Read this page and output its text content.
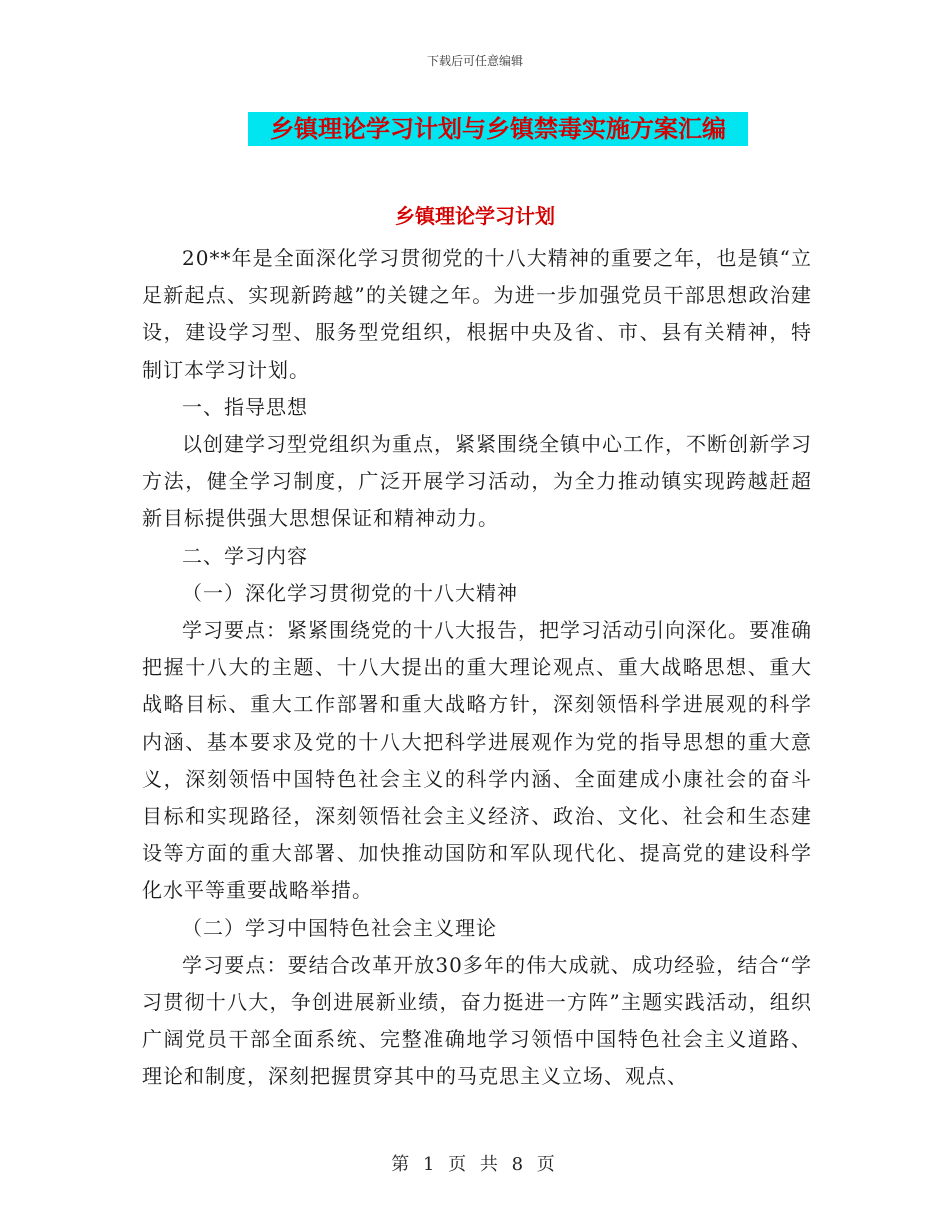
下载后可任意编辑
乡镇理论学习计划与乡镇禁毒实施方案汇编
乡镇理论学习计划

20**年是全面深化学习贯彻党的十八大精神的重要之年，也是镇“立足新起点、实现新跨越”的关键之年。为进一步加强党员干部思想政治建设，建设学习型、服务型党组织，根据中央及省、市、县有关精神，特制订本学习计划。

一、指导思想

以创建学习型党组织为重点，紧紧围绕全镇中心工作，不断创新学习方法，健全学习制度，广泛开展学习活动，为全力推动镇实现跨越赶超新目标提供强大思想保证和精神动力。

二、学习内容

（一）深化学习贯彻党的十八大精神

学习要点：紧紧围绕党的十八大报告，把学习活动引向深化。要准确把握十八大的主题、十八大提出的重大理论观点、重大战略思想、重大战略目标、重大工作部署和重大战略方针，深刻领悟科学进展观的科学内涵、基本要求及党的十八大把科学进展观作为党的指导思想的重大意义，深刻领悟中国特色社会主义的科学内涵、全面建成小康社会的奋斗目标和实现路径，深刻领悟社会主义经济、政治、文化、社会和生态建设等方面的重大部署、加快推动国防和军队现代化、提高党的建设科学化水平等重要战略举措。

（二）学习中国特色社会主义理论

学习要点：要结合改革开放30多年的伟大成就、成功经验，结合“学习贯彻十八大，争创进展新业绩，奋力挺进一方阵”主题实践活动，组织广阔党员干部全面系统、完整准确地学习领悟中国特色社会主义道路、理论和制度，深刻把握贯穿其中的马克思主义立场、观点、

第 1 页 共 8 页
